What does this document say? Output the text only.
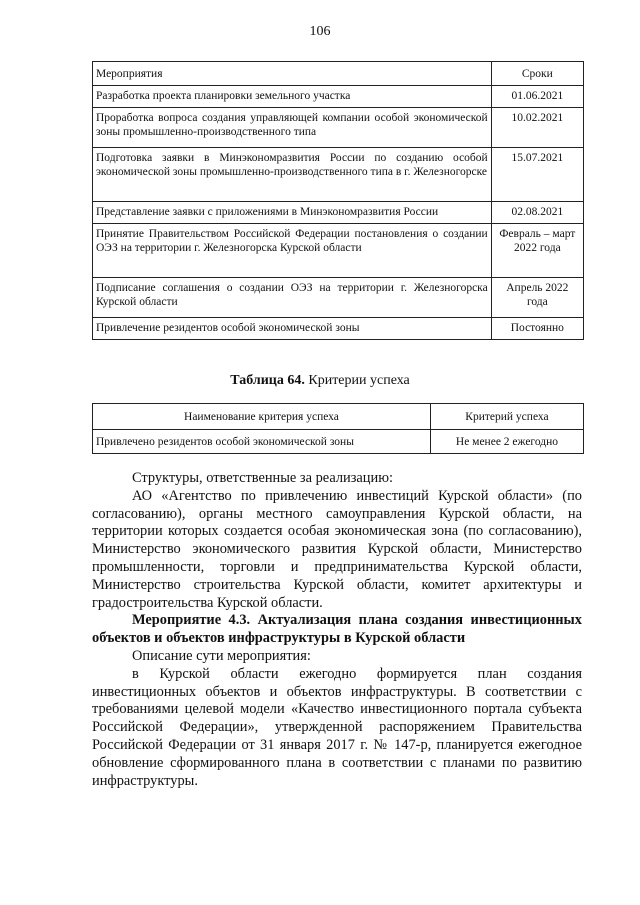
106
Мероприятия	Сроки
Разработка проекта планировки земельного участка	01.06.2021
Проработка вопроса создания управляющей компании особой экономической зоны промышленно-производственного типа	10.02.2021
Подготовка заявки в Минэкономразвития России по созданию особой экономической зоны промышленно-производственного типа в г. Железногорске	15.07.2021
Представление заявки с приложениями в Минэкономразвития России	02.08.2021
Принятие Правительством Российской Федерации постановления о создании ОЭЗ на территории г. Железногорска Курской области	Февраль – март 2022 года
Подписание соглашения о создании ОЭЗ на территории г. Железногорска Курской области	Апрель 2022 года
Привлечение резидентов особой экономической зоны	Постоянно
Таблица 64. Критерии успеха
Наименование критерия успеха	Критерий успеха
Привлечено резидентов особой экономической зоны	Не менее 2 ежегодно

Структуры, ответственные за реализацию:

АО «Агентство по привлечению инвестиций Курской области» (по согласованию), органы местного самоуправления Курской области, на территории которых создается особая экономическая зона (по согласованию), Министерство экономического развития Курской области, Министерство промышленности, торговли и предпринимательства Курской области, Министерство строительства Курской области, комитет архитектуры и градостроительства Курской области.

Мероприятие 4.3. Актуализация плана создания инвестиционных объектов и объектов инфраструктуры в Курской области

Описание сути мероприятия:

в Курской области ежегодно формируется план создания инвестиционных объектов и объектов инфраструктуры. В соответствии с требованиями целевой модели «Качество инвестиционного портала субъекта Российской Федерации», утвержденной распоряжением Правительства Российской Федерации от 31 января 2017 г. № 147-р, планируется ежегодное обновление сформированного плана в соответствии с планами по развитию инфраструктуры.
